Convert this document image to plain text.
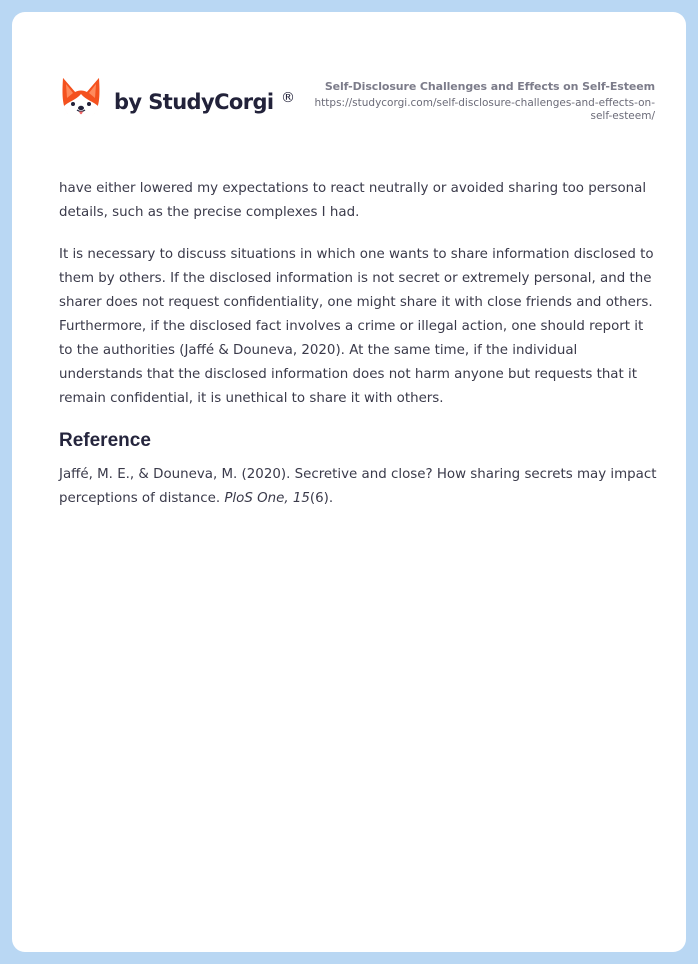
by StudyCorgi ®
Self-Disclosure Challenges and Effects on Self-Esteem
https://studycorgi.com/self-disclosure-challenges-and-effects-on-self-esteem/

have either lowered my expectations to react neutrally or avoided sharing too personal details, such as the precise complexes I had.

It is necessary to discuss situations in which one wants to share information disclosed to them by others. If the disclosed information is not secret or extremely personal, and the sharer does not request confidentiality, one might share it with close friends and others. Furthermore, if the disclosed fact involves a crime or illegal action, one should report it to the authorities (Jaffé & Douneva, 2020). At the same time, if the individual understands that the disclosed information does not harm anyone but requests that it remain confidential, it is unethical to share it with others.

Reference

Jaffé, M. E., & Douneva, M. (2020). Secretive and close? How sharing secrets may impact perceptions of distance. PloS One, 15(6).
